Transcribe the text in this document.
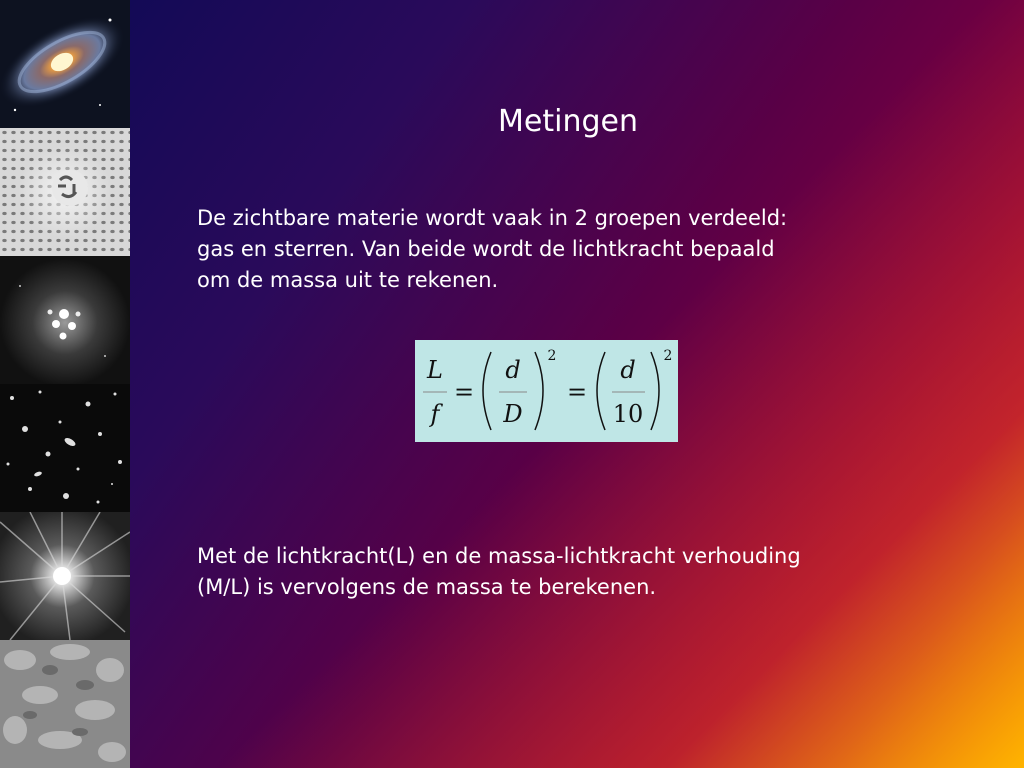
Metingen
De zichtbare materie wordt vaak in 2 groepen verdeeld:
gas en sterren. Van beide wordt de lichtkracht bepaald
om de massa uit te rekenen.
L
f
=
d
D
2
=
d
10
2
Met de lichtkracht(L) en de massa-lichtkracht verhouding
(M/L) is vervolgens de massa te berekenen.
